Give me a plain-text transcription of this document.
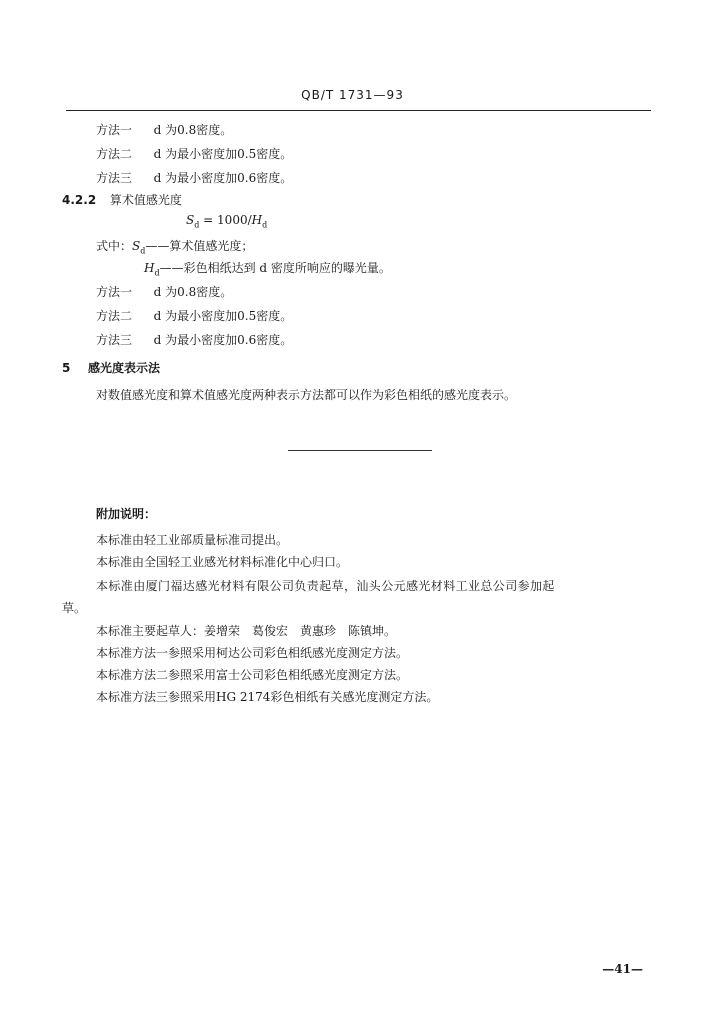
QB/T 1731—93
方法一 d 为0.8密度。
方法二 d 为最小密度加0.5密度。
方法三 d 为最小密度加0.6密度。
4.2.2 算术值感光度
$S_d = 1000/H_d$
式中：$S_d——$算术值感光度；
$H_d——$彩色相纸达到 d 密度所响应的曝光量。
方法一 d 为0.8密度。
方法二 d 为最小密度加0.5密度。
方法三 d 为最小密度加0.6密度。
5 感光度表示法
对数值感光度和算术值感光度两种表示方法都可以作为彩色相纸的感光度表示。
附加说明：
本标准由轻工业部质量标准司提出。
本标准由全国轻工业感光材料标准化中心归口。
本标准由厦门福达感光材料有限公司负责起草，汕头公元感光材料工业总公司参加起
草。
本标准主要起草人：姜增荣　葛俊宏　黄惠珍　陈镇坤。
本标准方法一参照采用柯达公司彩色相纸感光度测定方法。
本标准方法二参照采用富士公司彩色相纸感光度测定方法。
本标准方法三参照采用HG 2174彩色相纸有关感光度测定方法。
—41—
